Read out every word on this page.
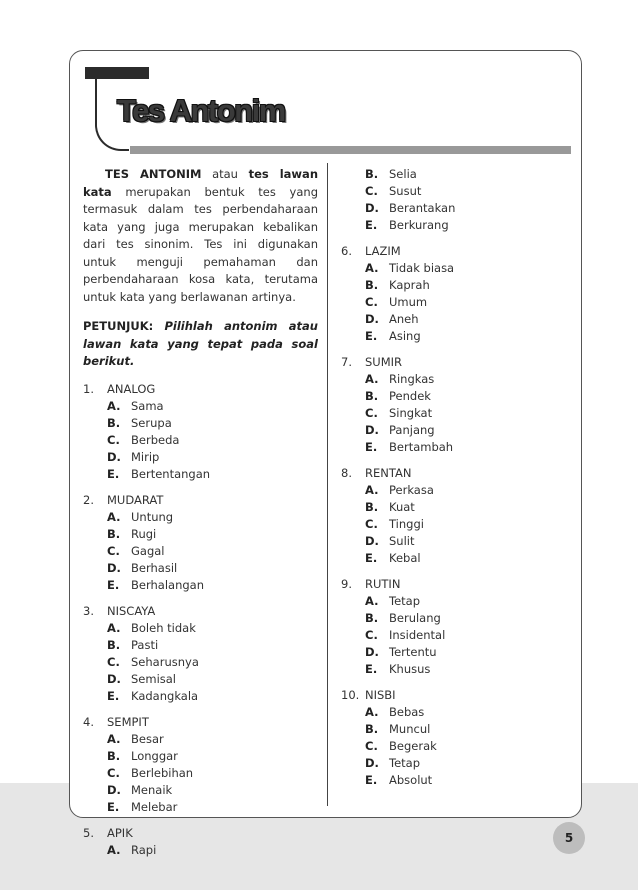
Tes Antonim

TES ANTONIM atau tes lawan kata merupakan bentuk tes yang termasuk dalam tes perbendaharaan kata yang juga merupakan kebalikan dari tes sinonim. Tes ini digunakan untuk menguji pemahaman dan perbendaharaan kosa kata, terutama untuk kata yang berlawanan artinya.

PETUNJUK: Pilihlah antonim atau lawan kata yang tepat pada soal berikut.

1.	ANALOG
A. Sama
B. Serupa
C. Berbeda
D. Mirip
E.	Bertentangan
2.	MUDARAT
A. Untung
B. Rugi
C. Gagal
D. Berhasil
E.	Berhalangan
3.	NISCAYA
A. Boleh tidak
B. Pasti
C. Seharusnya
D. Semisal
E.	Kadangkala
4.	SEMPIT
A. Besar
B. Longgar
C. Berlebihan
D. Menaik
E.	Melebar
5.	APIK
A. Rapi
B. Selia
C. Susut
D. Berantakan
E.	Berkurang
6.	LAZIM
A. Tidak biasa
B. Kaprah
C. Umum
D. Aneh
E.	Asing
7.	SUMIR
A. Ringkas
B. Pendek
C. Singkat
D. Panjang
E.	Bertambah
8.	RENTAN
A. Perkasa
B. Kuat
C. Tinggi
D. Sulit
E.	Kebal
9.	RUTIN
A. Tetap
B. Berulang
C. Insidental
D. Tertentu
E.	Khusus
10. NISBI
A. Bebas
B. Muncul
C. Begerak
D. Tetap
E.	Absolut
5
